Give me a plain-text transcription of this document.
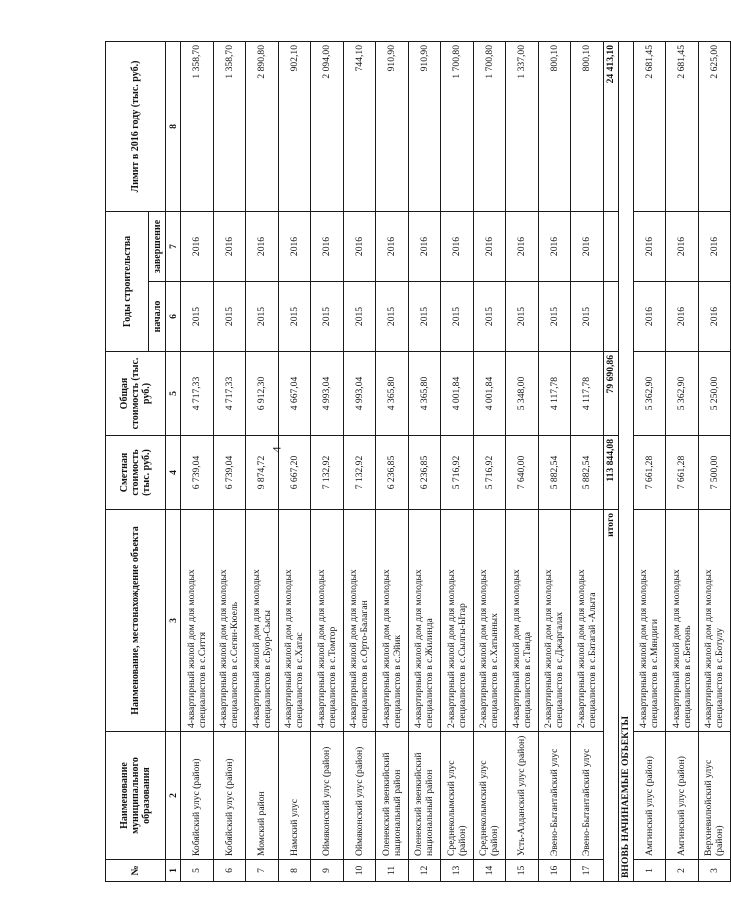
4
№	Наименование муниципального образования	Наименование, местонахождение объекта	Сметная стоимость (тыс. руб.)	Общая стоимость (тыс. руб.)	Годы строительства		Лимит в 2016 году (тыс. руб.)
					начало	завершение	
1	2	3	4	5	6	7	8
5	Кобяйский улус (район)	4-квартирный жилой дом для молодых специалистов в с.Сиття	6 739,04	4 717,33	2015	2016	1 358,70
6	Кобяйский улус (район)	4-квартирный жилой дом для молодых специалистов в с.Сегян-Кюель	6 739,04	4 717,33	2015	2016	1 358,70
7	Момский район	4-квартирный жилой дом для молодых специалистов в с.Буор-Сысы	9 874,72	6 912,30	2015	2016	2 890,80
8	Намский улус	4-квартирный жилой дом для молодых специалистов в с.Хатас	6 667,20	4 667,04	2015	2016	902,10
9	Оймяконский улус (район)	4-квартирный жилой дом для молодых специалистов в с.Томтор	7 132,92	4 993,04	2015	2016	2 094,00
10	Оймяконский улус (район)	4-квартирный жилой дом для молодых специалистов в с.Орто-Балаган	7 132,92	4 993,04	2015	2016	744,10
11	Оленекский эвенкийский национальный район	4-квартирный жилой дом для молодых специалистов в с.Эйик	6 236,85	4 365,80	2015	2016	910,90
12	Оленекский эвенкийский национальный район	4-квартирный жилой дом для молодых специалистов в с.Жилинда	6 236,85	4 365,80	2015	2016	910,90
13	Среднеколымский улус (район)	2-квартирный жилой дом для молодых специалистов в с.Сылгы-Ытар	5 716,92	4 001,84	2015	2016	1 700,80
14	Среднеколымский улус (район)	2-квартирный жилой дом для молодых специалистов в с.Хатынных	5 716,92	4 001,84	2015	2016	1 700,80
15	Усть-Алданский улус (район)	4-квартирный жилой дом для молодых специалистов в с.Танда	7 640,00	5 348,00	2015	2016	1 337,00
16	Эвено-Бытантайский улус	2-квартирный жилой дом для молодых специалистов в с.Джаргалах	5 882,54	4 117,78	2015	2016	800,10
17	Эвено-Бытантайский улус	2-квартирный жилой дом для молодых специалистов в с.Батагай -Алыта	5 882,54	4 117,78	2015	2016	800,10
итого			113 844,08	79 690,86			24 413,10
ВНОВЬ НАЧИНАЕМЫЕ ОБЪЕКТЫ							
1	Амгинский улус (район)	4-квартирный жилой дом для молодых специалистов в с.Мяндиги	7 661,28	5 362,90	2016	2016	2 681,45
2	Амгинский улус (район)	4-квартирный жилой дом для молодых специалистов в с.Бетюнь	7 661,28	5 362,90	2016	2016	2 681,45
3	Верхневилюйский улус (район)	4-квартирный жилой дом для молодых специалистов в с.Ботулу	7 500,00	5 250,00	2016	2016	2 625,00
